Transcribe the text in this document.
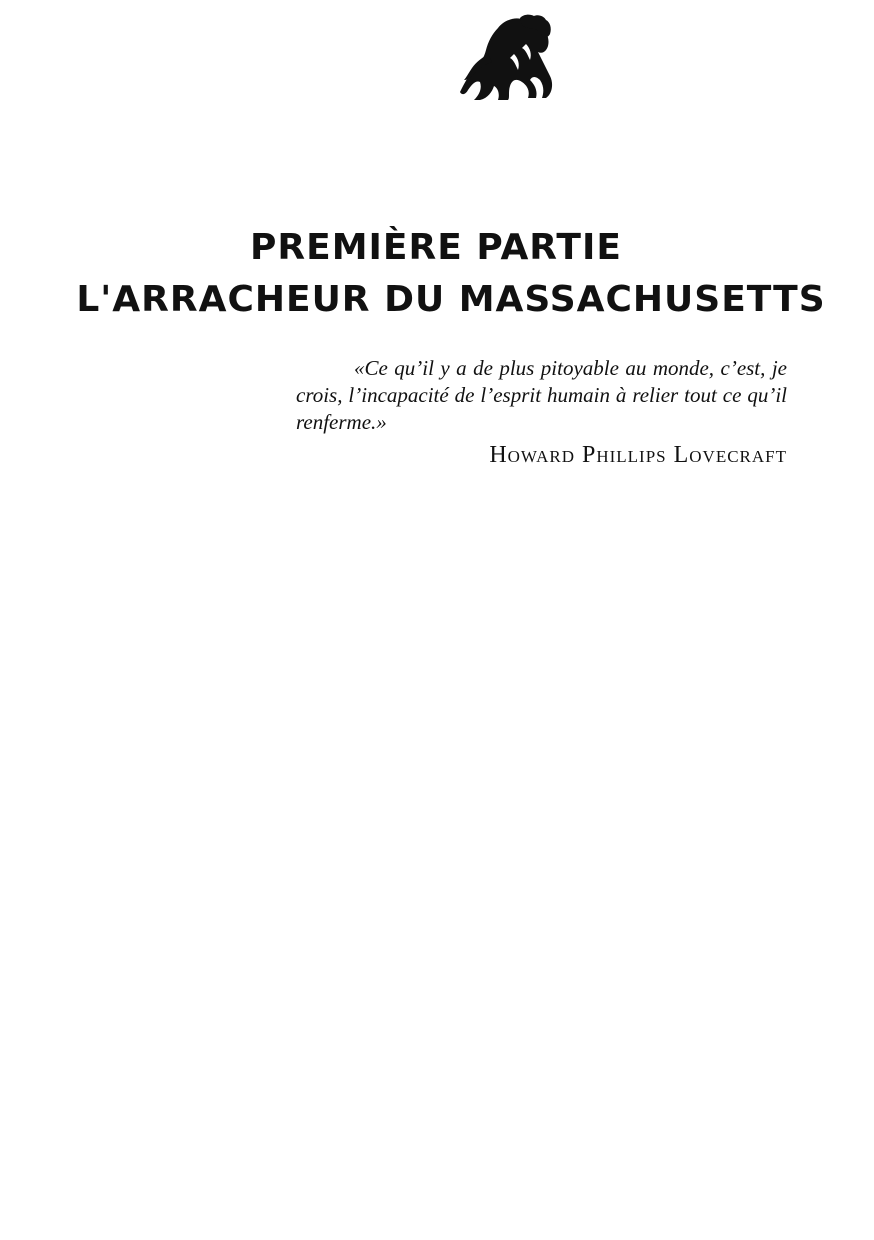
PREMIÈRE PARTIE
L'ARRACHEUR DU MASSACHUSETTS

«Ce qu’il y a de plus pitoyable au monde, c’est, je crois, l’incapacité de l’esprit humain à relier tout ce qu’il renferme.»

Howard Phillips Lovecraft
